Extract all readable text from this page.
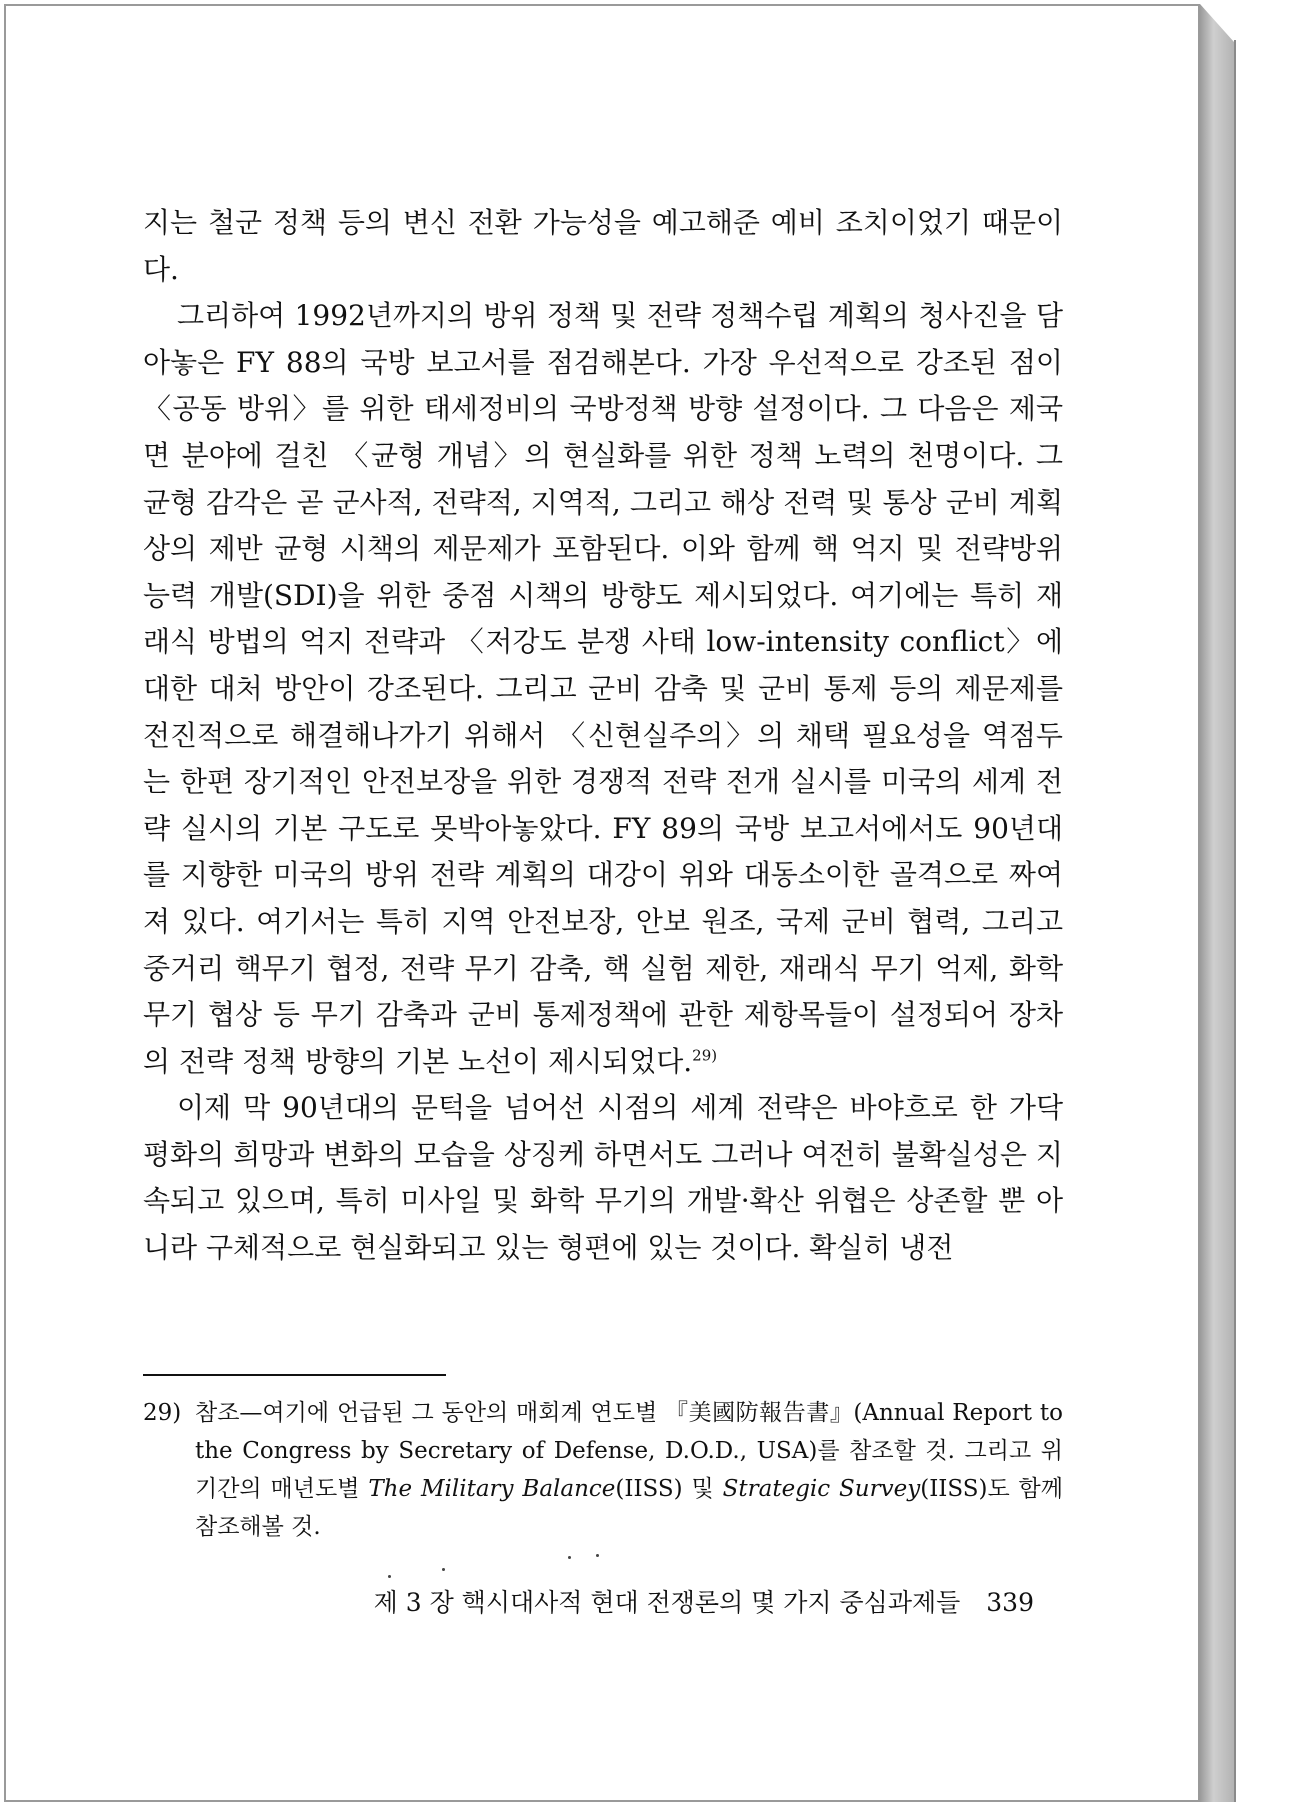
지는 철군 정책 등의 변신 전환 가능성을 예고해준 예비 조치이었기 때문이다.

그리하여 1992년까지의 방위 정책 및 전략 정책수립 계획의 청사진을 담아놓은 FY 88의 국방 보고서를 점검해본다. 가장 우선적으로 강조된 점이 〈공동 방위〉를 위한 태세정비의 국방정책 방향 설정이다. 그 다음은 제국면 분야에 걸친 〈균형 개념〉의 현실화를 위한 정책 노력의 천명이다. 그 균형 감각은 곧 군사적, 전략적, 지역적, 그리고 해상 전력 및 통상 군비 계획상의 제반 균형 시책의 제문제가 포함된다. 이와 함께 핵 억지 및 전략방위 능력 개발(SDI)을 위한 중점 시책의 방향도 제시되었다. 여기에는 특히 재래식 방법의 억지 전략과 〈저강도 분쟁 사태 low-intensity conflict〉에 대한 대처 방안이 강조된다. 그리고 군비 감축 및 군비 통제 등의 제문제를 전진적으로 해결해나가기 위해서 〈신현실주의〉의 채택 필요성을 역점두는 한편 장기적인 안전보장을 위한 경쟁적 전략 전개 실시를 미국의 세계 전략 실시의 기본 구도로 못박아놓았다. FY 89의 국방 보고서에서도 90년대를 지향한 미국의 방위 전략 계획의 대강이 위와 대동소이한 골격으로 짜여져 있다. 여기서는 특히 지역 안전보장, 안보 원조, 국제 군비 협력, 그리고 중거리 핵무기 협정, 전략 무기 감축, 핵 실험 제한, 재래식 무기 억제, 화학 무기 협상 등 무기 감축과 군비 통제정책에 관한 제항목들이 설정되어 장차의 전략 정책 방향의 기본 노선이 제시되었다.$^{29)}$

이제 막 90년대의 문턱을 넘어선 시점의 세계 전략은 바야흐로 한 가닥 평화의 희망과 변화의 모습을 상징케 하면서도 그러나 여전히 불확실성은 지속되고 있으며, 특히 미사일 및 화학 무기의 개발·확산 위협은 상존할 뿐 아니라 구체적으로 현실화되고 있는 형편에 있는 것이다. 확실히 냉전

29) 참조—여기에 언급된 그 동안의 매회계 연도별 『美國防報告書』(Annual Report to the Congress by Secretary of Defense, D.O.D., USA)를 참조할 것. 그리고 위 기간의 매년도별 The Military Balance(IISS) 및 Strategic Survey(IISS)도 함께 참조해볼 것.
제 3 장 핵시대사적 현대 전쟁론의 몇 가지 중심과제들 339
